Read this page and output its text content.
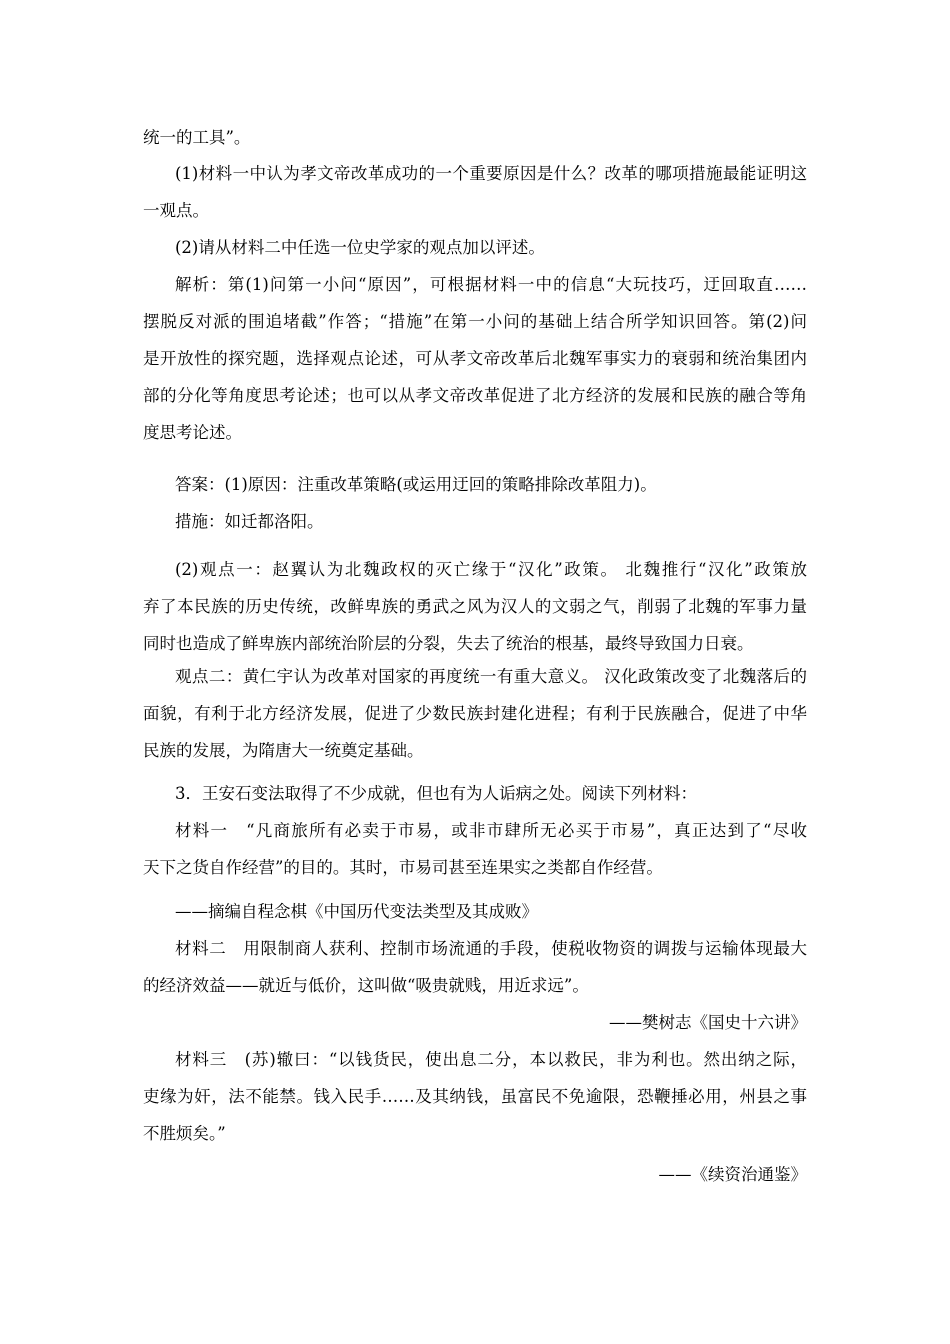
统一的工具”。
(1)材料一中认为孝文帝改革成功的一个重要原因是什么？改革的哪项措施最能证明这
一观点。
(2)请从材料二中任选一位史学家的观点加以评述。
解析：第(1)问第一小问“原因”，可根据材料一中的信息“大玩技巧，迂回取直……
摆脱反对派的围追堵截”作答；“措施”在第一小问的基础上结合所学知识回答。第(2)问
是开放性的探究题，选择观点论述，可从孝文帝改革后北魏军事实力的衰弱和统治集团内
部的分化等角度思考论述；也可以从孝文帝改革促进了北方经济的发展和民族的融合等角
度思考论述。
答案：(1)原因：注重改革策略(或运用迂回的策略排除改革阻力)。
措施：如迁都洛阳。
(2)观点一：赵翼认为北魏政权的灭亡缘于“汉化”政策。 北魏推行“汉化”政策放
弃了本民族的历史传统，改鲜卑族的勇武之风为汉人的文弱之气，削弱了北魏的军事力量
同时也造成了鲜卑族内部统治阶层的分裂，失去了统治的根基，最终导致国力日衰。
观点二：黄仁宇认为改革对国家的再度统一有重大意义。 汉化政策改变了北魏落后的
面貌，有利于北方经济发展，促进了少数民族封建化进程；有利于民族融合，促进了中华
民族的发展，为隋唐大一统奠定基础。
3．王安石变法取得了不少成就，但也有为人诟病之处。阅读下列材料：
材料一　“凡商旅所有必卖于市易，或非市肆所无必买于市易”，真正达到了“尽收
天下之货自作经营”的目的。其时，市易司甚至连果实之类都自作经营。
——摘编自程念棋《中国历代变法类型及其成败》
材料二　用限制商人获利、控制市场流通的手段，使税收物资的调拨与运输体现最大
的经济效益——就近与低价，这叫做“吸贵就贱，用近求远”。
——樊树志《国史十六讲》
材料三　(苏)辙曰：“以钱货民，使出息二分，本以救民，非为利也。然出纳之际，
吏缘为奸，法不能禁。钱入民手……及其纳钱，虽富民不免逾限，恐鞭捶必用，州县之事
不胜烦矣。”
——《续资治通鉴》
